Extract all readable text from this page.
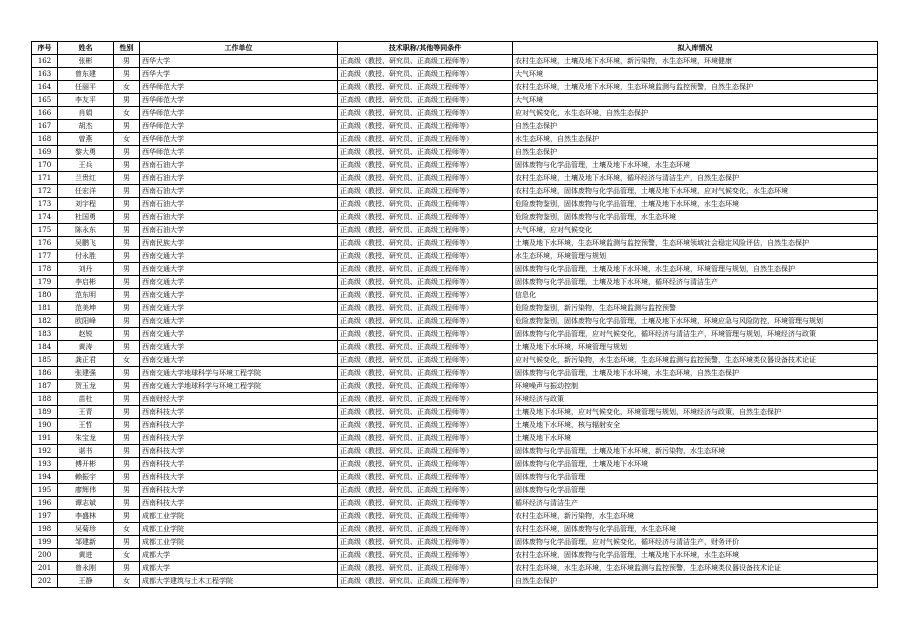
序号	姓名	性别	工作单位	技术职称/其他等同条件	拟入库情况
162	张彬	男	西华大学	正高级（教授、研究员、正高级工程师等）	农村生态环境，土壤及地下水环境，新污染物，水生态环境，环境健康
163	曾东建	男	西华大学	正高级（教授、研究员、正高级工程师等）	大气环境
164	任丽平	女	西华师范大学	正高级（教授、研究员、正高级工程师等）	农村生态环境，土壤及地下水环境，生态环境监测与监控预警，自然生态保护
165	李友平	男	西华师范大学	正高级（教授、研究员、正高级工程师等）	大气环境
166	肖娟	女	西华师范大学	正高级（教授、研究员、正高级工程师等）	应对气候变化，水生态环境，自然生态保护
167	胡杰	男	西华师范大学	正高级（教授、研究员、正高级工程师等）	自然生态保护
168	曾燕	女	西华师范大学	正高级（教授、研究员、正高级工程师等）	水生态环境，自然生态保护
169	黎大勇	男	西华师范大学	正高级（教授、研究员、正高级工程师等）	自然生态保护
170	王兵	男	西南石油大学	正高级（教授、研究员、正高级工程师等）	固体废物与化学品管理，土壤及地下水环境，水生态环境
171	兰贵红	男	西南石油大学	正高级（教授、研究员、正高级工程师等）	农村生态环境，土壤及地下水环境，循环经济与清洁生产，自然生态保护
172	任宏洋	男	西南石油大学	正高级（教授、研究员、正高级工程师等）	农村生态环境，固体废物与化学品管理，土壤及地下水环境，应对气候变化，水生态环境
173	刘宇程	男	西南石油大学	正高级（教授、研究员、正高级工程师等）	危险废物鉴别，固体废物与化学品管理，土壤及地下水环境，水生态环境
174	杜国勇	男	西南石油大学	正高级（教授、研究员、正高级工程师等）	危险废物鉴别，固体废物与化学品管理，水生态环境
175	陈永东	男	西南石油大学	正高级（教授、研究员、正高级工程师等）	大气环境，应对气候变化
176	吴鹏飞	男	西南民族大学	正高级（教授、研究员、正高级工程师等）	土壤及地下水环境，生态环境监测与监控预警，生态环境领域社会稳定风险评估，自然生态保护
177	付永胜	男	西南交通大学	正高级（教授、研究员、正高级工程师等）	水生态环境，环境管理与规划
178	刘丹	男	西南交通大学	正高级（教授、研究员、正高级工程师等）	固体废物与化学品管理，土壤及地下水环境，水生态环境，环境管理与规划，自然生态保护
179	李启彬	男	西南交通大学	正高级（教授、研究员、正高级工程师等）	固体废物与化学品管理，土壤及地下水环境，循环经济与清洁生产
180	范东明	男	西南交通大学	正高级（教授、研究员、正高级工程师等）	信息化
181	范美坤	男	西南交通大学	正高级（教授、研究员、正高级工程师等）	危险废物鉴别，新污染物，生态环境监测与监控预警
182	欧阳峰	男	西南交通大学	正高级（教授、研究员、正高级工程师等）	危险废物鉴别，固体废物与化学品管理，土壤及地下水环境，环境应急与风险防控，环境管理与规划
183	赵锐	男	西南交通大学	正高级（教授、研究员、正高级工程师等）	固体废物与化学品管理，应对气候变化，循环经济与清洁生产，环境管理与规划，环境经济与政策
184	黄涛	男	西南交通大学	正高级（教授、研究员、正高级工程师等）	土壤及地下水环境，环境管理与规划
185	龚正君	女	西南交通大学	正高级（教授、研究员、正高级工程师等）	应对气候变化，新污染物，水生态环境，生态环境监测与监控预警，生态环境类仪器设备技术论证
186	张建强	男	西南交通大学地球科学与环境工程学院	正高级（教授、研究员、正高级工程师等）	固体废物与化学品管理，土壤及地下水环境，水生态环境，自然生态保护
187	贺玉龙	男	西南交通大学地球科学与环境工程学院	正高级（教授、研究员、正高级工程师等）	环境噪声与振动控制
188	苗杜	男	西南财经大学	正高级（教授、研究员、正高级工程师等）	环境经济与政策
189	王青	男	西南科技大学	正高级（教授、研究员、正高级工程师等）	土壤及地下水环境，应对气候变化，环境管理与规划，环境经济与政策，自然生态保护
190	王哲	男	西南科技大学	正高级（教授、研究员、正高级工程师等）	土壤及地下水环境，核与辐射安全
191	朱宝龙	男	西南科技大学	正高级（教授、研究员、正高级工程师等）	土壤及地下水环境
192	谌书	男	西南科技大学	正高级（教授、研究员、正高级工程师等）	固体废物与化学品管理，土壤及地下水环境，新污染物，水生态环境
193	傅开彬	男	西南科技大学	正高级（教授、研究员、正高级工程师等）	固体废物与化学品管理，土壤及地下水环境
194	赖振宇	男	西南科技大学	正高级（教授、研究员、正高级工程师等）	固体废物与化学品管理
195	廖辉伟	男	西南科技大学	正高级（教授、研究员、正高级工程师等）	固体废物与化学品管理
196	谭志斌	男	西南科技大学	正高级（教授、研究员、正高级工程师等）	循环经济与清洁生产
197	李盛林	男	成都工业学院	正高级（教授、研究员、正高级工程师等）	农村生态环境，新污染物，水生态环境
198	吴菊珍	女	成都工业学院	正高级（教授、研究员、正高级工程师等）	农村生态环境，固体废物与化学品管理，水生态环境
199	邹建新	男	成都工业学院	正高级（教授、研究员、正高级工程师等）	固体废物与化学品管理，应对气候变化，循环经济与清洁生产，财务评价
200	黄进	女	成都大学	正高级（教授、研究员、正高级工程师等）	农村生态环境，固体废物与化学品管理，土壤及地下水环境，水生态环境
201	曾永刚	男	成都大学	正高级（教授、研究员、正高级工程师等）	农村生态环境，水生态环境，生态环境监测与监控预警，生态环境类仪器设备技术论证
202	王静	女	成都大学建筑与土木工程学院	正高级（教授、研究员、正高级工程师等）	自然生态保护
